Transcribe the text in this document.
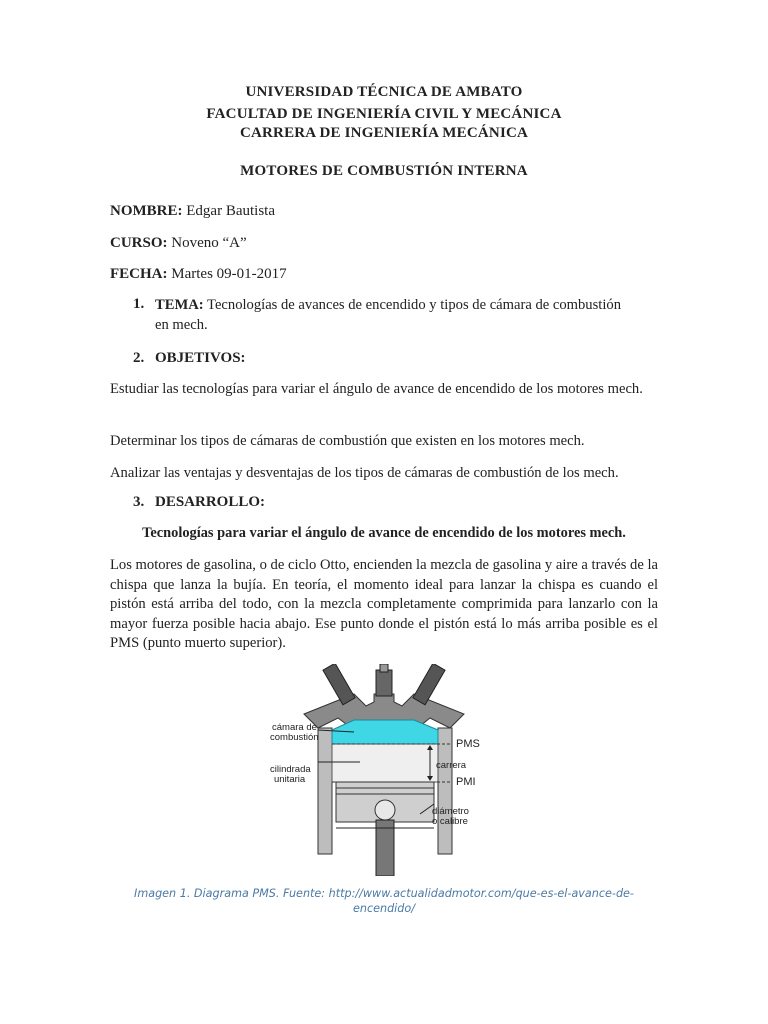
UNIVERSIDAD TÉCNICA DE AMBATO
FACULTAD DE INGENIERÍA CIVIL Y MECÁNICA
CARRERA DE INGENIERÍA MECÁNICA
MOTORES DE COMBUSTIÓN INTERNA
NOMBRE: Edgar Bautista
CURSO: Noveno “A”
FECHA: Martes 09-01-2017
1. TEMA: Tecnologías de avances de encendido y tipos de cámara de combustión
en mech.
2. OBJETIVOS:
Estudiar las tecnologías para variar el ángulo de avance de encendido de los motores mech.
Determinar los tipos de cámaras de combustión que existen en los motores mech.
Analizar las ventajas y desventajas de los tipos de cámaras de combustión de los mech.
3. DESARROLLO:
Tecnologías para variar el ángulo de avance de encendido de los motores mech.
Los motores de gasolina, o de ciclo Otto, encienden la mezcla de gasolina y aire a través de la chispa que lanza la bujía. En teoría, el momento ideal para lanzar la chispa es cuando el pistón está arriba del todo, con la mezcla completamente comprimida para lanzarlo con la mayor fuerza posible hacia abajo. Ese punto donde el pistón está lo más arriba posible es el PMS (punto muerto superior).
cámara de
combustión
cilindrada
unitaria
PMS
carrera
PMI
diámetro
o calibre
Imagen 1. Diagrama PMS. Fuente: http://www.actualidadmotor.com/que-es-el-avance-de-
encendido/
